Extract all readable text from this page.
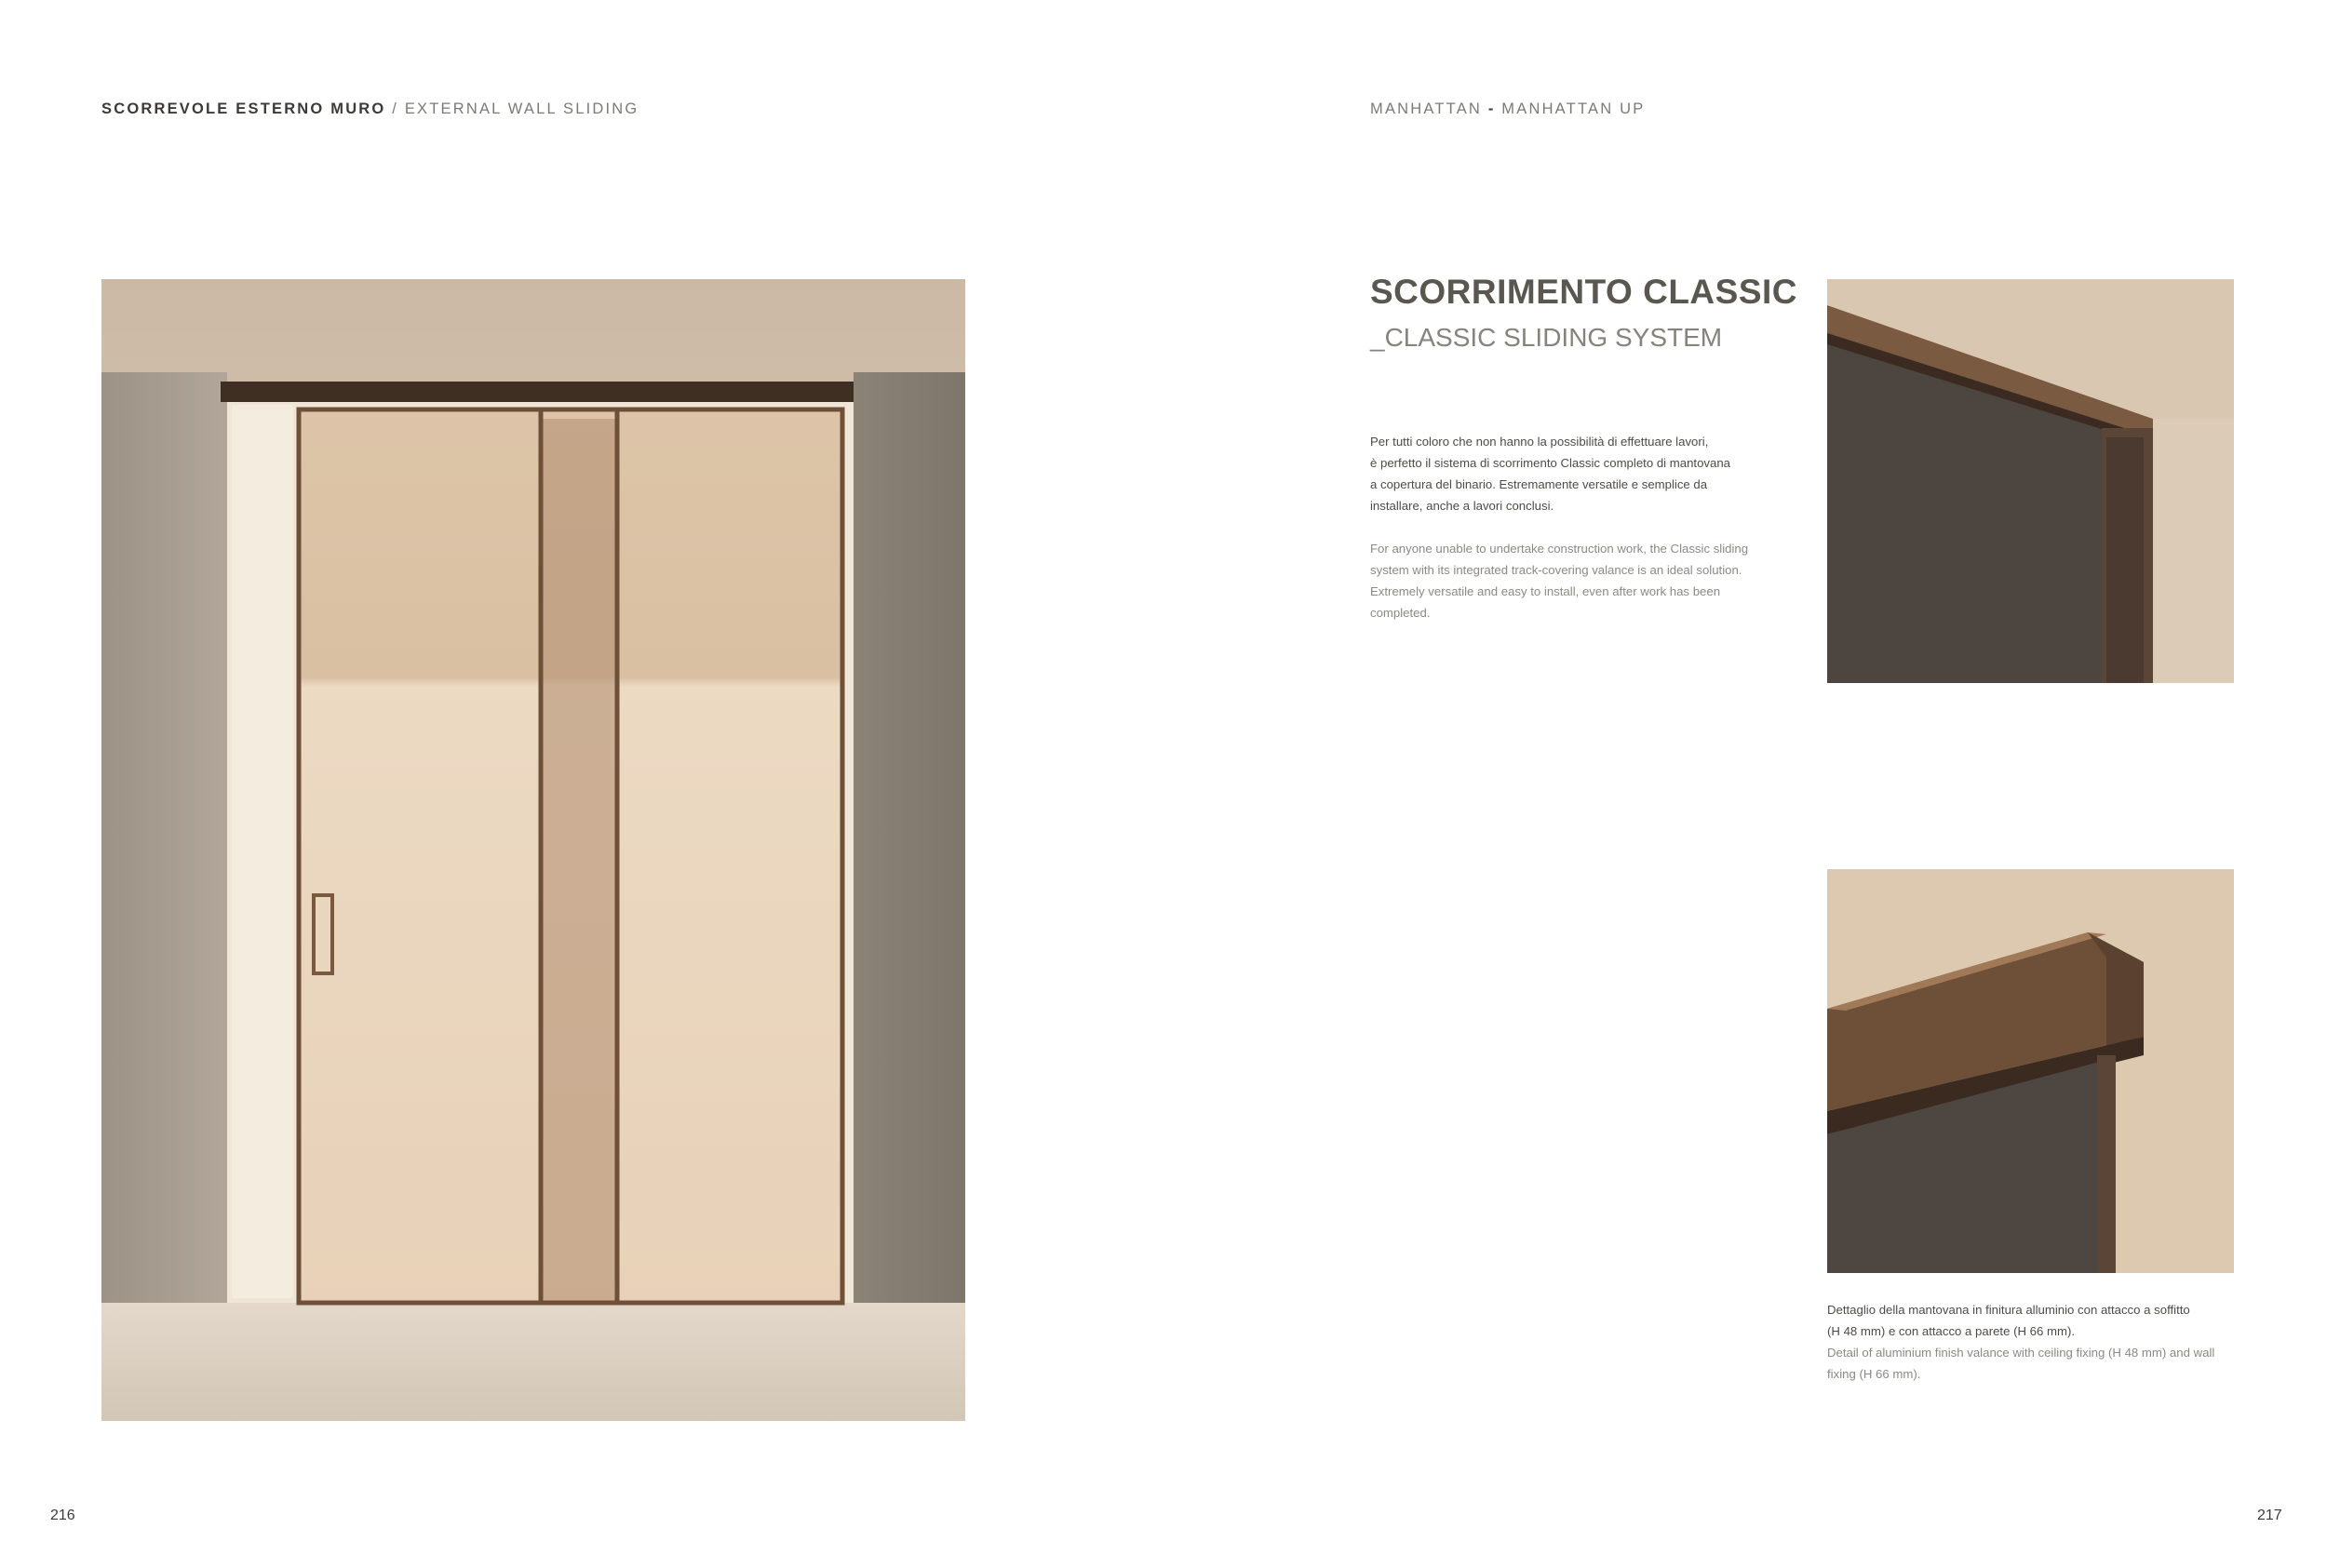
SCORREVOLE ESTERNO MURO / EXTERNAL WALL SLIDING	MANHATTAN - MANHATTAN UP
SCORRIMENTO CLASSIC
_CLASSIC SLIDING SYSTEM
Per tutti coloro che non hanno la possibilità di effettuare lavori,
è perfetto il sistema di scorrimento Classic completo di mantovana
a copertura del binario. Estremamente versatile e semplice da
installare, anche a lavori conclusi.
For anyone unable to undertake construction work, the Classic sliding
system with its integrated track-covering valance is an ideal solution.
Extremely versatile and easy to install, even after work has been
completed.
Dettaglio della mantovana in finitura alluminio con attacco a soffitto
(H 48 mm) e con attacco a parete (H 66 mm).
Detail of aluminium finish valance with ceiling fixing (H 48 mm) and wall
fixing (H 66 mm).
216	217
